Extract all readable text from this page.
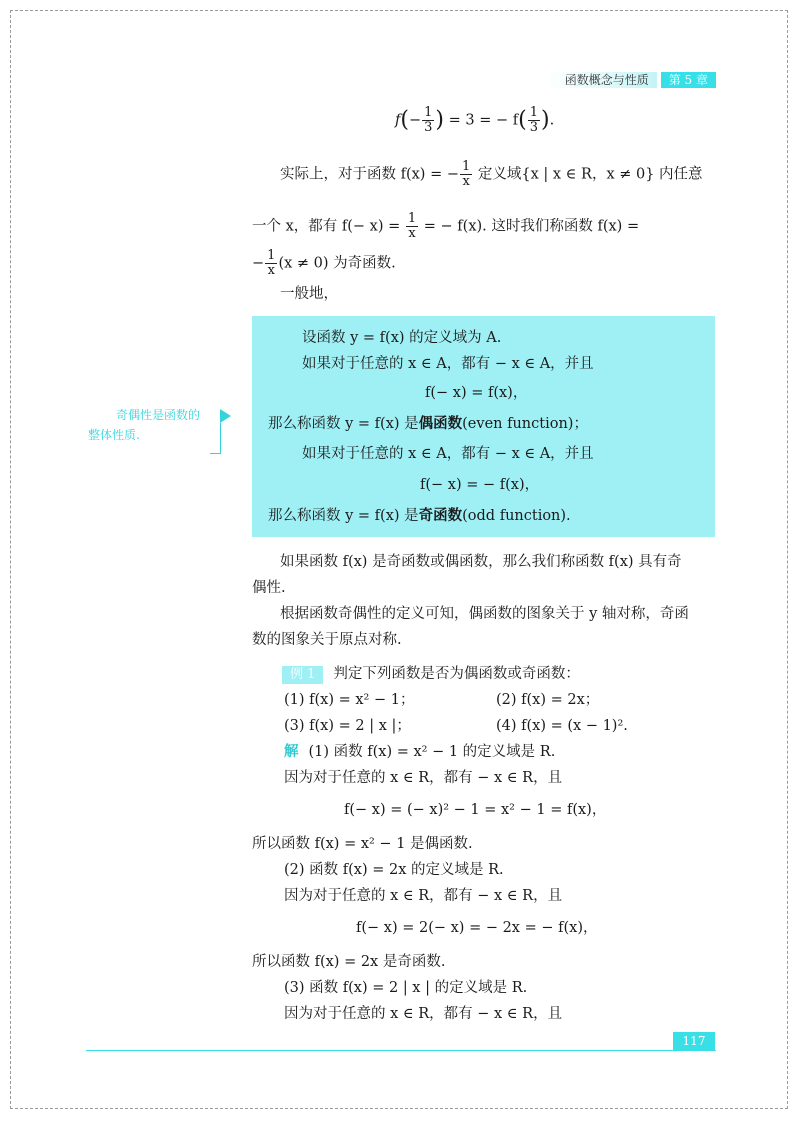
函数概念与性质	第 5 章
$f(- \frac{1}{3}$ ) = 3 = − $f( \frac{1}{3}$ ).
实际上，对于函数 f(x) = − $\frac{1}{x}$ 定义域{x | x ∈ R，x ≠ 0} 内任意
一个 x，都有 $f(- x) = \frac{1}{x}$ = − f(x). 这时我们称函数 f(x) =
− $\frac{1}{x} (x \ne 0)$ 为奇函数.
一般地，
设函数 y = f(x) 的定义域为 A.
如果对于任意的 x ∈ A，都有 − x ∈ A，并且
f(− x) = f(x)，
那么称函数 y = f(x) 是偶函数(even function)；
如果对于任意的 x ∈ A，都有 − x ∈ A，并且
f(− x) = − f(x)，
那么称函数 y = f(x) 是奇函数(odd function).
奇偶性是函数的
整体性质.
如果函数 f(x) 是奇函数或偶函数，那么我们称函数 f(x) 具有奇
偶性.
根据函数奇偶性的定义可知，偶函数的图象关于 y 轴对称，奇函
数的图象关于原点对称.
例 1 判定下列函数是否为偶函数或奇函数：
(1) f(x) = x² − 1；	(2) f(x) = 2x；
(3) f(x) = 2 | x |；	(4) f(x) = (x − 1)².
解 (1) 函数 f(x) = x² − 1 的定义域是 R.
因为对于任意的 x ∈ R，都有 − x ∈ R，且
f(− x) = (− x)² − 1 = x² − 1 = f(x)，
所以函数 f(x) = x² − 1 是偶函数.
(2) 函数 f(x) = 2x 的定义域是 R.
因为对于任意的 x ∈ R，都有 − x ∈ R，且
f(− x) = 2(− x) = − 2x = − f(x)，
所以函数 f(x) = 2x 是奇函数.
(3) 函数 f(x) = 2 | x | 的定义域是 R.
因为对于任意的 x ∈ R，都有 − x ∈ R，且
117
